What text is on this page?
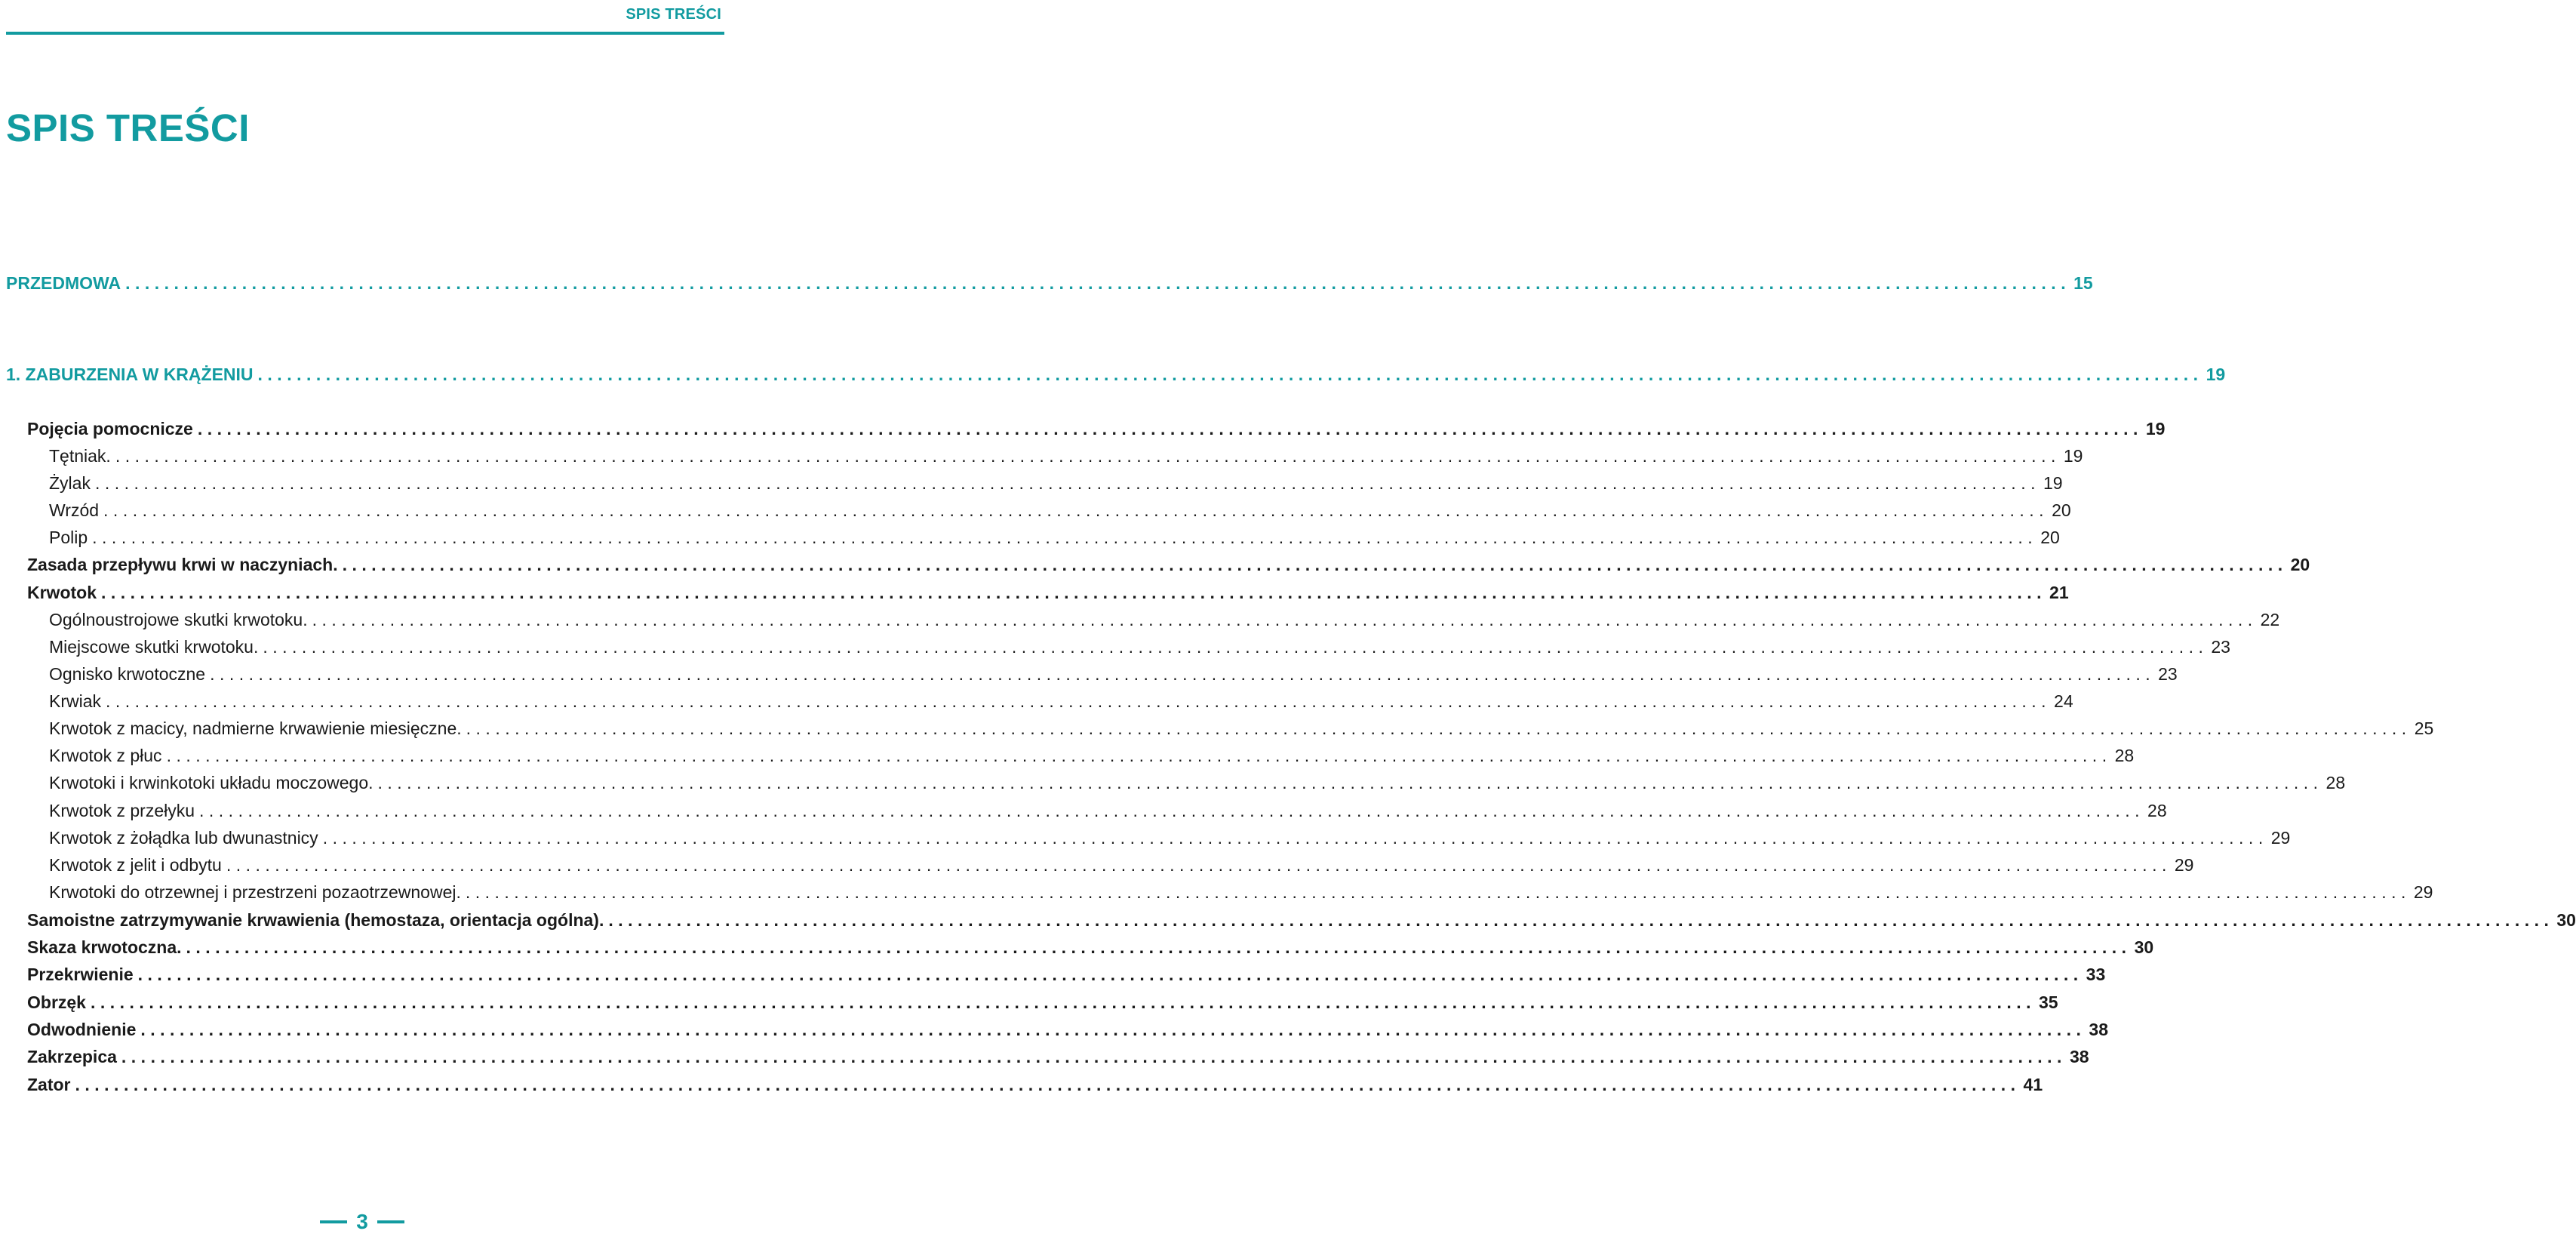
SPIS TREŚCI
SPIS TREŚCI
PRZEDMOWA ........................................................................................................................................................................................................ 15
1. ZABURZENIA W KRĄŻENIU ........................................................................................................................................................................................................ 19
Pojęcia pomocnicze ........................................................................................................................................................................................................ 19
Tętniak. ........................................................................................................................................................................................................ 19
Żylak ........................................................................................................................................................................................................ 19
Wrzód ........................................................................................................................................................................................................ 20
Polip ........................................................................................................................................................................................................ 20
Zasada przepływu krwi w naczyniach. ........................................................................................................................................................................................................ 20
Krwotok ........................................................................................................................................................................................................ 21
Ogólnoustrojowe skutki krwotoku. ........................................................................................................................................................................................................ 22
Miejscowe skutki krwotoku. ........................................................................................................................................................................................................ 23
Ognisko krwotoczne ........................................................................................................................................................................................................ 23
Krwiak ........................................................................................................................................................................................................ 24
Krwotok z macicy, nadmierne krwawienie miesięczne. ........................................................................................................................................................................................................ 25
Krwotok z płuc ........................................................................................................................................................................................................ 28
Krwotoki i krwinkotoki układu moczowego. ........................................................................................................................................................................................................ 28
Krwotok z przełyku ........................................................................................................................................................................................................ 28
Krwotok z żołądka lub dwunastnicy ........................................................................................................................................................................................................ 29
Krwotok z jelit i odbytu ........................................................................................................................................................................................................ 29
Krwotoki do otrzewnej i przestrzeni pozaotrzewnowej. ........................................................................................................................................................................................................ 29
Samoistne zatrzymywanie krwawienia (hemostaza, orientacja ogólna). ........................................................................................................................................................................................................ 30
Skaza krwotoczna. ........................................................................................................................................................................................................ 30
Przekrwienie ........................................................................................................................................................................................................ 33
Obrzęk ........................................................................................................................................................................................................ 35
Odwodnienie ........................................................................................................................................................................................................ 38
Zakrzepica ........................................................................................................................................................................................................ 38
Zator ........................................................................................................................................................................................................ 41
3
